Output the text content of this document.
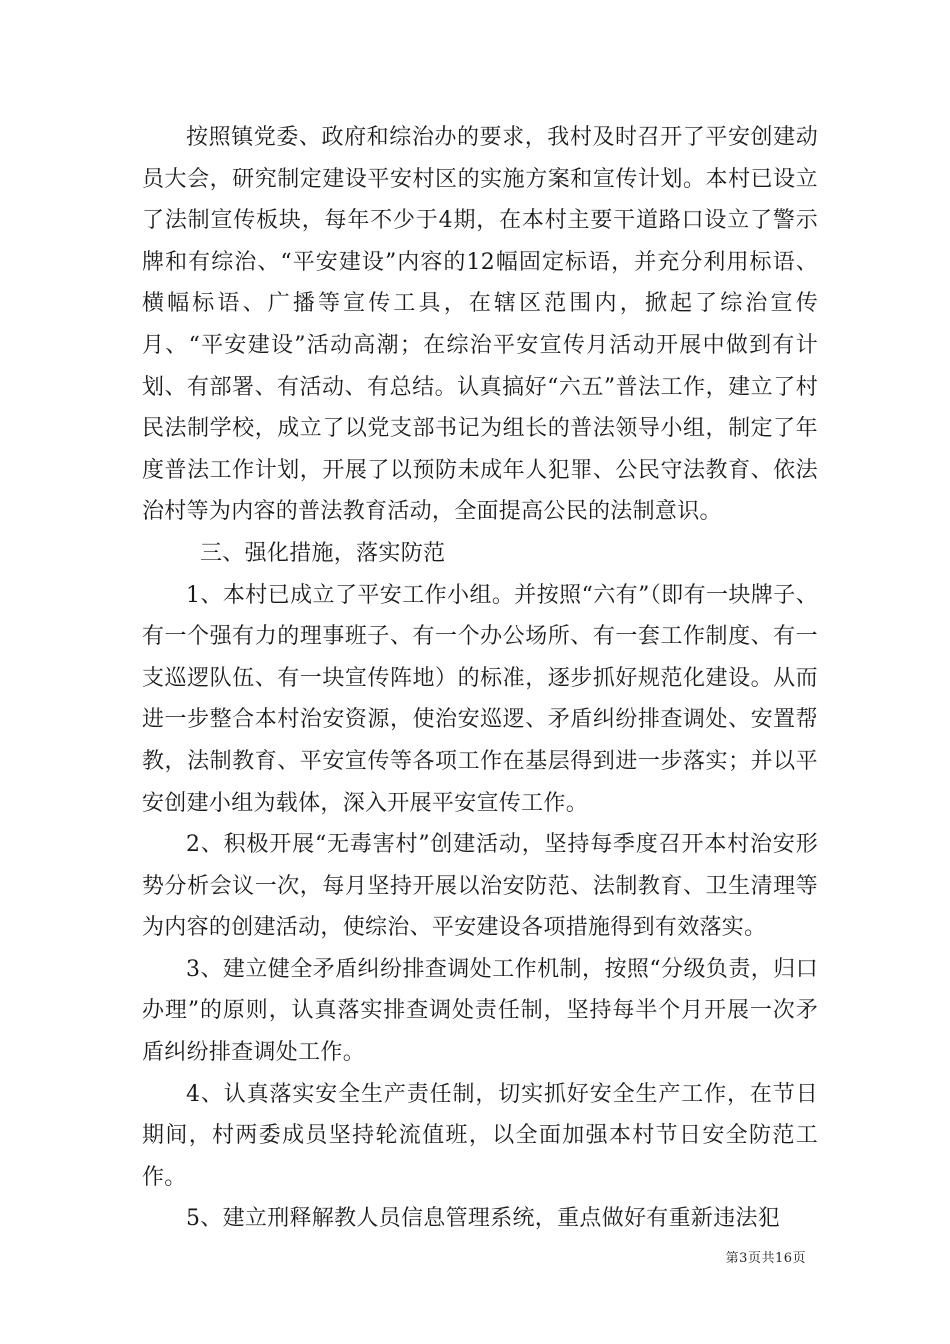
按照镇党委、政府和综治办的要求，我村及时召开了平安创建动员大会，研究制定建设平安村区的实施方案和宣传计划。本村已设立了法制宣传板块，每年不少于4期，在本村主要干道路口设立了警示牌和有综治、“平安建设”内容的12幅固定标语，并充分利用标语、横幅标语、广播等宣传工具，在辖区范围内，掀起了综治宣传月、“平安建设”活动高潮；在综治平安宣传月活动开展中做到有计划、有部署、有活动、有总结。认真搞好“六五”普法工作，建立了村民法制学校，成立了以党支部书记为组长的普法领导小组，制定了年度普法工作计划，开展了以预防未成年人犯罪、公民守法教育、依法治村等为内容的普法教育活动，全面提高公民的法制意识。

三、强化措施，落实防范

1、本村已成立了平安工作小组。并按照“六有”（即有一块牌子、有一个强有力的理事班子、有一个办公场所、有一套工作制度、有一支巡逻队伍、有一块宣传阵地）的标准，逐步抓好规范化建设。从而进一步整合本村治安资源，使治安巡逻、矛盾纠纷排查调处、安置帮教，法制教育、平安宣传等各项工作在基层得到进一步落实；并以平安创建小组为载体，深入开展平安宣传工作。

2、积极开展“无毒害村”创建活动，坚持每季度召开本村治安形势分析会议一次，每月坚持开展以治安防范、法制教育、卫生清理等为内容的创建活动，使综治、平安建设各项措施得到有效落实。

3、建立健全矛盾纠纷排查调处工作机制，按照“分级负责，归口办理”的原则，认真落实排查调处责任制，坚持每半个月开展一次矛盾纠纷排查调处工作。

4、认真落实安全生产责任制，切实抓好安全生产工作，在节日期间，村两委成员坚持轮流值班，以全面加强本村节日安全防范工作。

5、建立刑释解教人员信息管理系统，重点做好有重新违法犯

第3页共16页
